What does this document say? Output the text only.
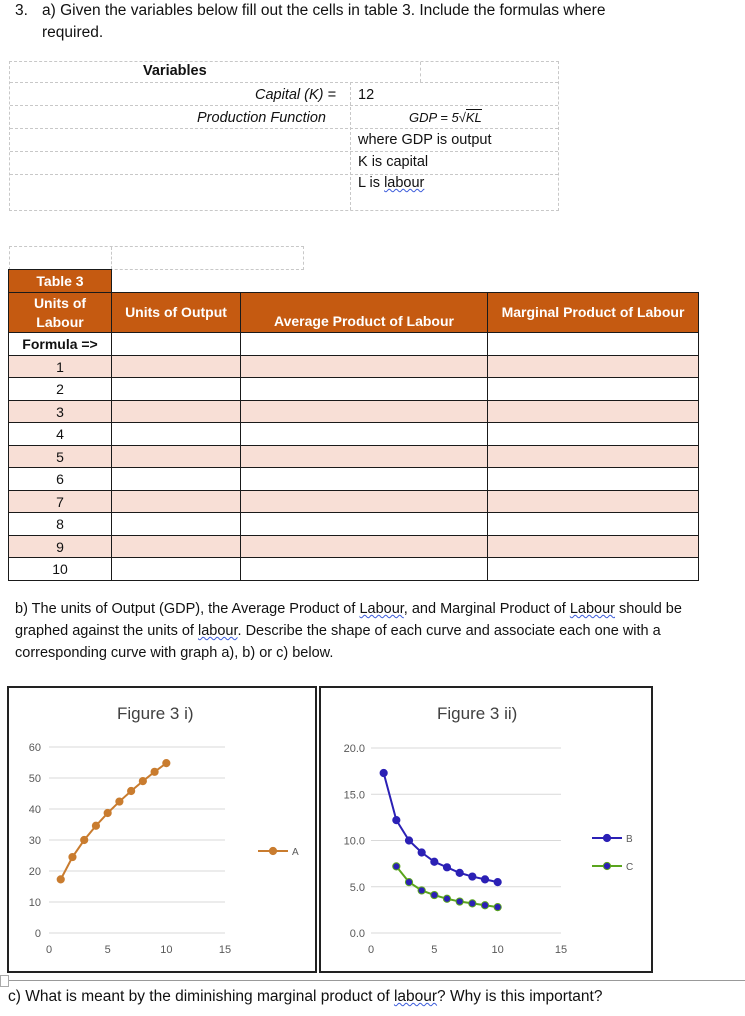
3. a) Given the variables below fill out the cells in table 3. Include the formulas where
required.
Variables
Capital (K) = 12
Production Function	GDP = 5√KL
where GDP is output
K is capital
L is labour
Table 3			
Units of Labour	Units of Output	Average Product of Labour	Marginal Product of Labour
Formula =>			
1			
2			
3			
4			
5			
6			
7			
8			
9			
10			
b) The units of Output (GDP), the Average Product of Labour, and Marginal Product of Labour should be graphed against the units of labour. Describe the shape of each curve and associate each one with a corresponding curve with graph a), b) or c) below.
Figure 3 i)
0
10
20
30
40
50
60
0	5	10	15
A
Figure 3 ii)
0.0
5.0
10.0
15.0
20.0
0	5	10	15
B
C
c) What is meant by the diminishing marginal product of labour? Why is this important?
